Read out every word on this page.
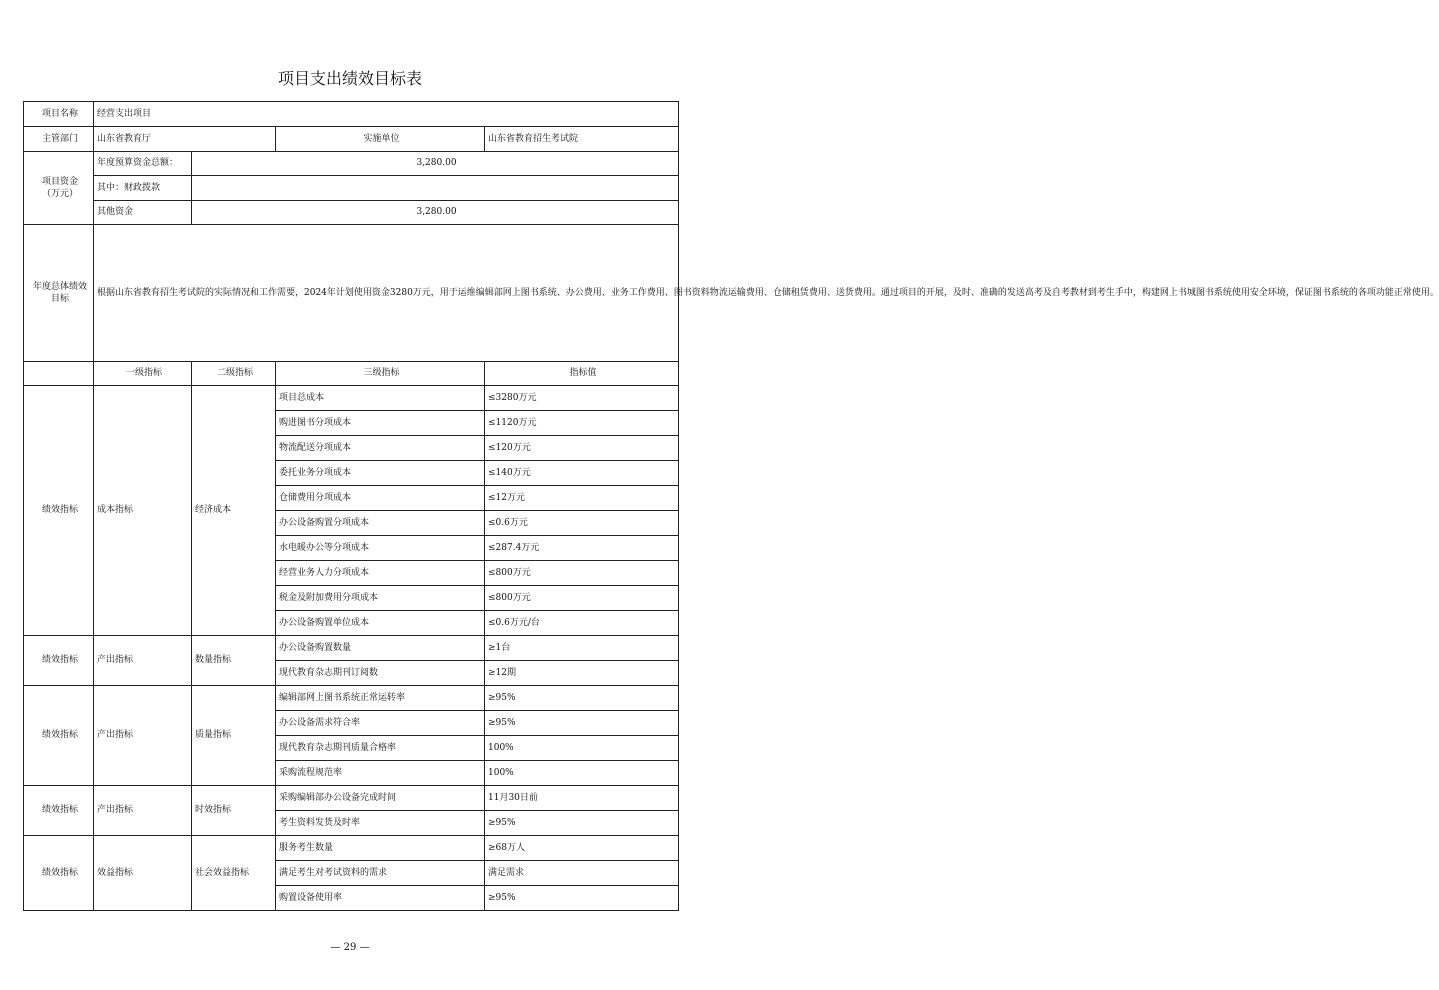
项目支出绩效目标表
项目名称	经营支出项目			
主管部门	山东省教育厅		实施单位	山东省教育招生考试院

项目资金
（万元）	年度预算资金总额：	3,280.00		
	其中：财政拨款			
	其他资金	3,280.00		

年度总体绩效
目标	根据山东省教育招生考试院的实际情况和工作需要，2024年计划使用资金3280万元，用于运维编辑部网上图书系统、办公费用、业务工作费用、图书资料物流运输费用、仓储租赁费用、送货费用。通过项目的开展，及时、准确的发送高考及自考教材到考生手中，构建网上书城图书系统使用安全环境，保证图书系统的各项功能正常使用。			
	一级指标	二级指标	三级指标	指标值
绩效指标	成本指标	经济成本	项目总成本	≤3280万元
			购进图书分项成本	≤1120万元
			物流配送分项成本	≤120万元
			委托业务分项成本	≤140万元
			仓储费用分项成本	≤12万元
			办公设备购置分项成本	≤0.6万元
			水电暖办公等分项成本	≤287.4万元
			经营业务人力分项成本	≤800万元
			税金及附加费用分项成本	≤800万元
			办公设备购置单位成本	≤0.6万元/台
绩效指标	产出指标	数量指标	办公设备购置数量	≥1台
			现代教育杂志期刊订阅数	≥12期
绩效指标	产出指标	质量指标	编辑部网上图书系统正常运转率	≥95%
			办公设备需求符合率	≥95%
			现代教育杂志期刊质量合格率	100%
			采购流程规范率	100%
绩效指标	产出指标	时效指标	采购编辑部办公设备完成时间	11月30日前
			考生资料发货及时率	≥95%
绩效指标	效益指标	社会效益指标	服务考生数量	≥68万人
			满足考生对考试资料的需求	满足需求
			购置设备使用率	≥95%
— 29 —
